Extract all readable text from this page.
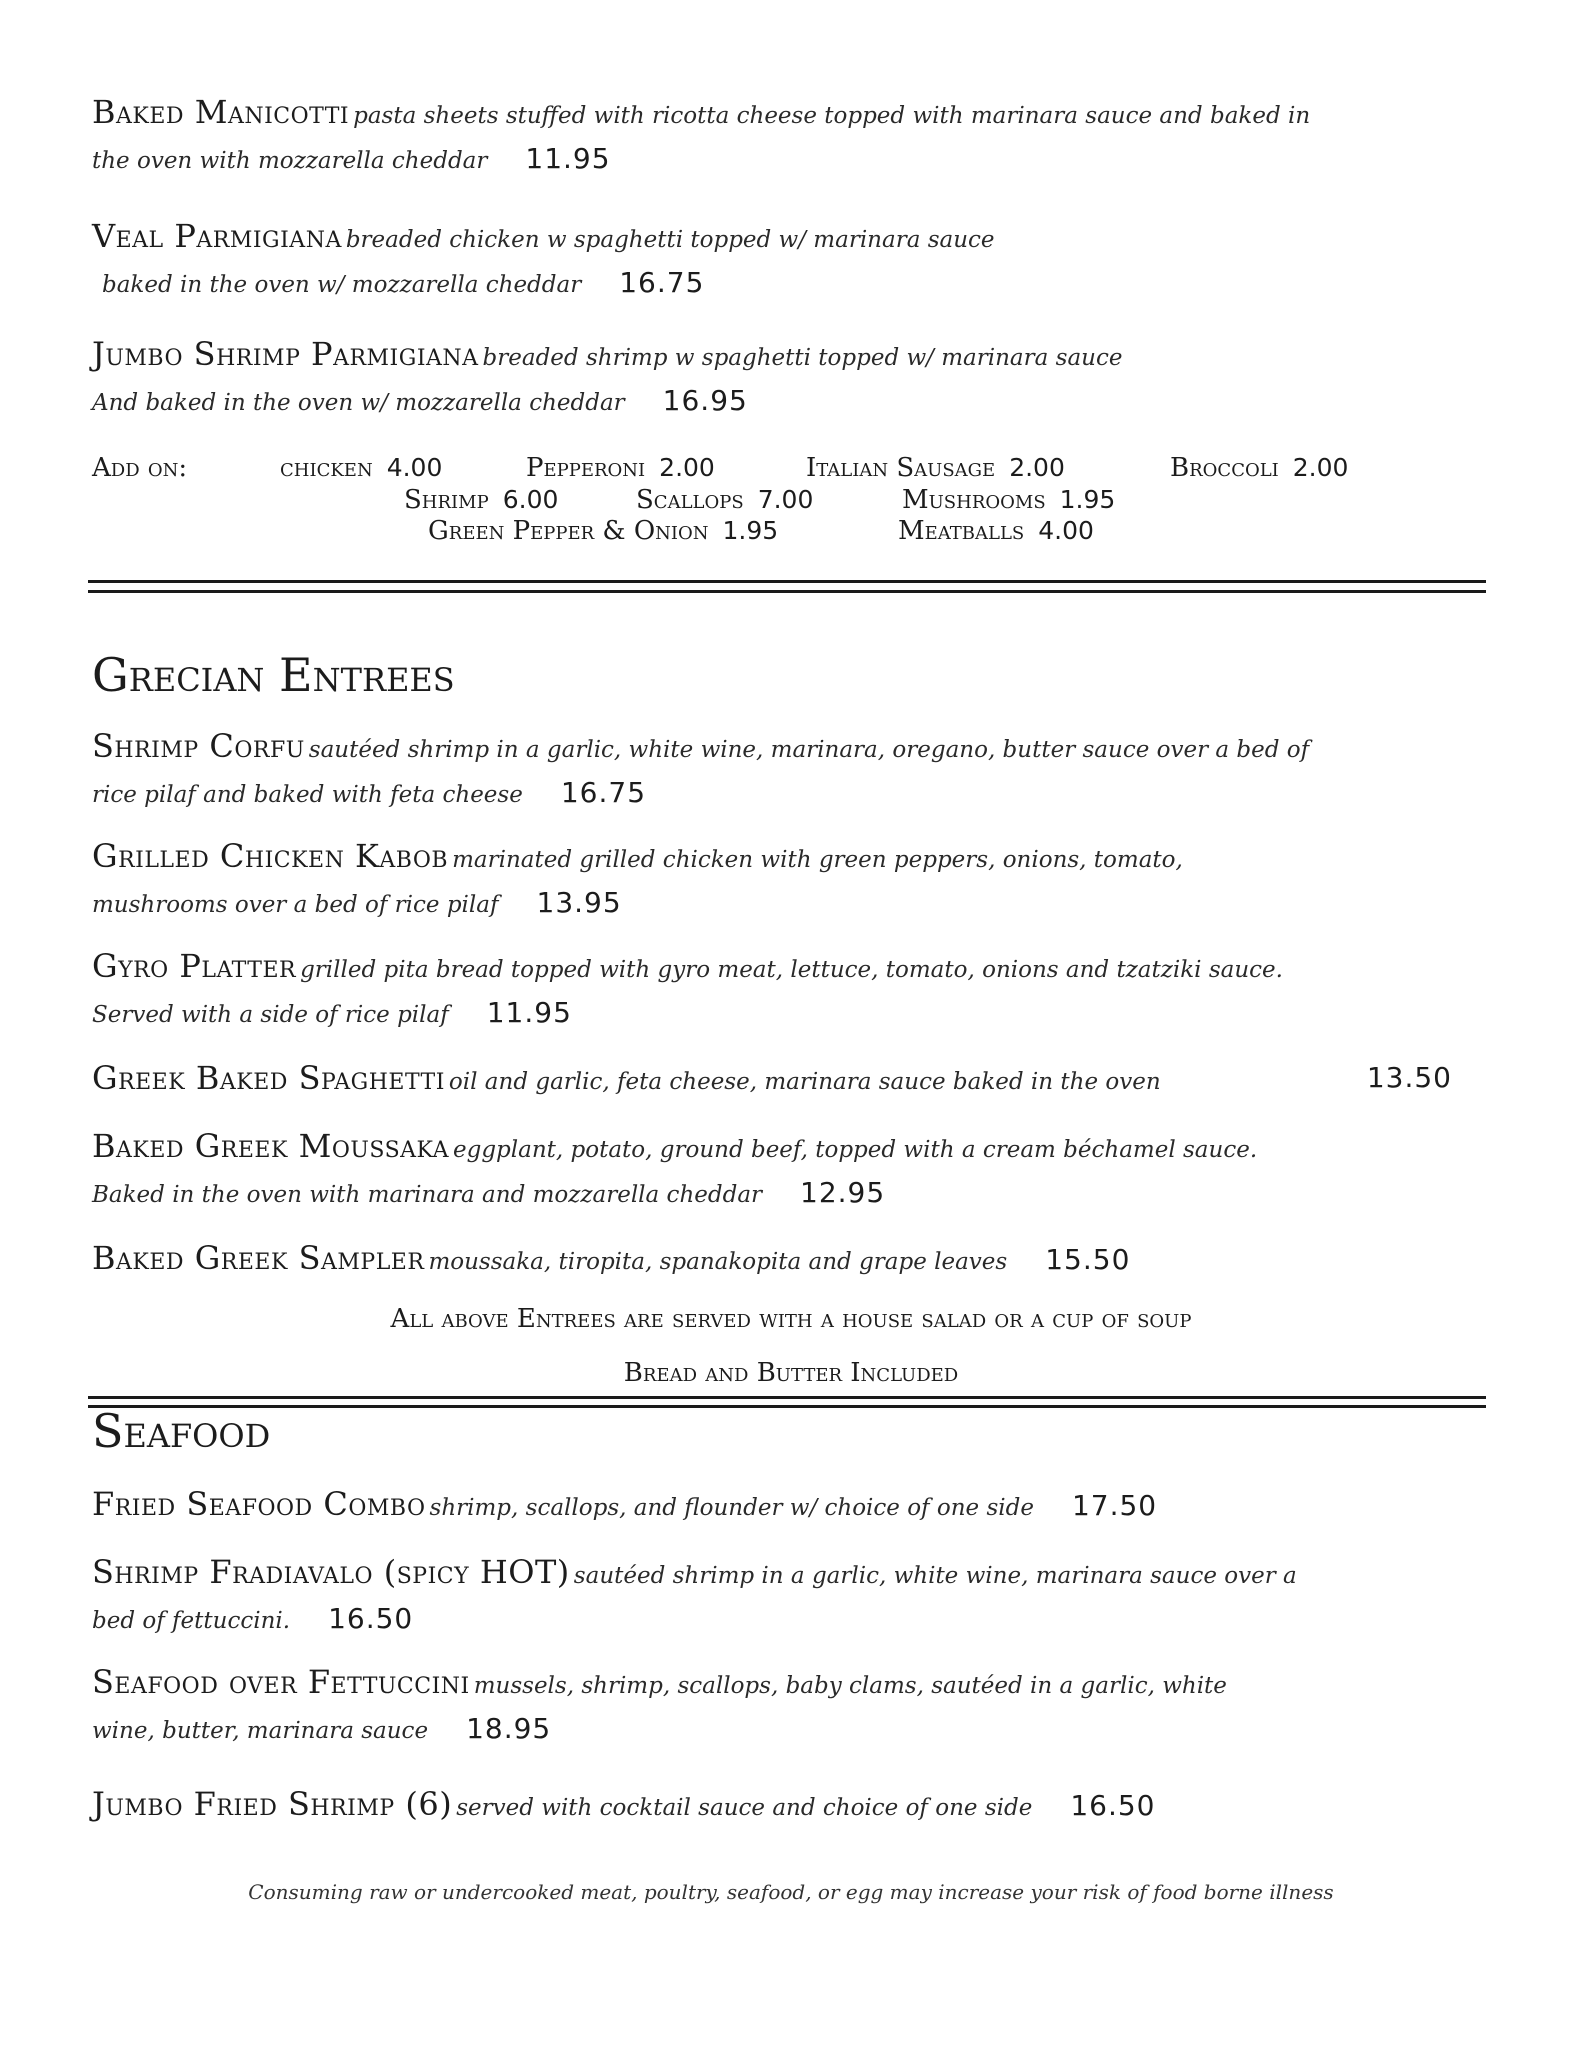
Baked Manicotti pasta sheets stuffed with ricotta cheese topped with marinara sauce and baked in
the oven with mozzarella cheddar 11.95
Veal Parmigiana breaded chicken w spaghetti topped w/ marinara sauce
baked in the oven w/ mozzarella cheddar 16.75
Jumbo Shrimp Parmigiana breaded shrimp w spaghetti topped w/ marinara sauce
And baked in the oven w/ mozzarella cheddar 16.95
Add on:	chicken 4.00	Pepperoni 2.00	Italian Sausage 2.00	Broccoli 2.00
Shrimp 6.00	Scallops 7.00	Mushrooms 1.95
Green Pepper & Onion 1.95	Meatballs 4.00
Grecian Entrees
Shrimp Corfu sautéed shrimp in a garlic, white wine, marinara, oregano, butter sauce over a bed of
rice pilaf and baked with feta cheese 16.75
Grilled Chicken Kabob marinated grilled chicken with green peppers, onions, tomato,
mushrooms over a bed of rice pilaf 13.95
Gyro Platter grilled pita bread topped with gyro meat, lettuce, tomato, onions and tzatziki sauce.
Served with a side of rice pilaf 11.95
Greek Baked Spaghetti oil and garlic, feta cheese, marinara sauce baked in the oven	13.50
Baked Greek Moussaka eggplant, potato, ground beef, topped with a cream béchamel sauce.
Baked in the oven with marinara and mozzarella cheddar 12.95
Baked Greek Sampler moussaka, tiropita, spanakopita and grape leaves 15.50
All above Entrees are served with a house salad or a cup of soup
Bread and Butter Included
Seafood
Fried Seafood Combo shrimp, scallops, and flounder w/ choice of one side 17.50
Shrimp Fradiavalo (spicy HOT) sautéed shrimp in a garlic, white wine, marinara sauce over a
bed of fettuccini. 16.50
Seafood over Fettuccini mussels, shrimp, scallops, baby clams, sautéed in a garlic, white
wine, butter, marinara sauce 18.95
Jumbo Fried Shrimp (6) served with cocktail sauce and choice of one side 16.50
Consuming raw or undercooked meat, poultry, seafood, or egg may increase your risk of food borne illness
